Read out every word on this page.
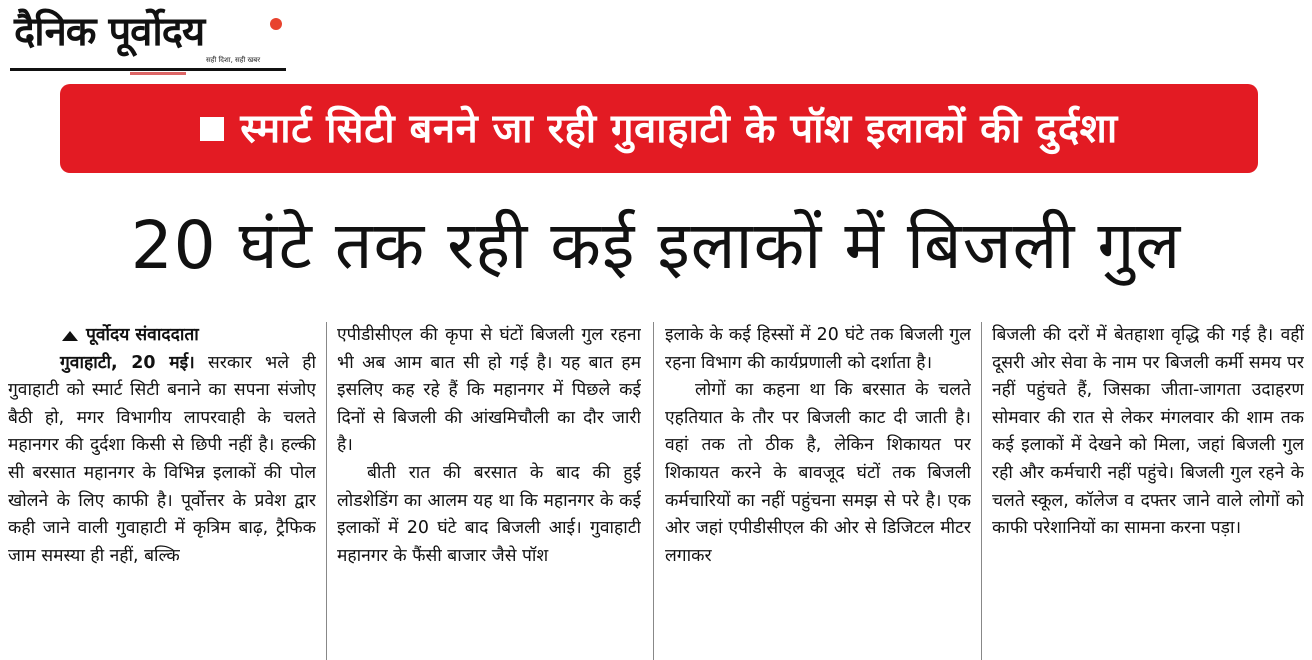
दैनिक पूर्वोदय
सही दिशा, सही खबर
स्मार्ट सिटी बनने जा रही गुवाहाटी के पॉश इलाकों की दुर्दशा
20 घंटे तक रही कई इलाकों में बिजली गुल
पूर्वोदय संवाददाता

गुवाहाटी, 20 मई। सरकार भले ही गुवाहाटी को स्मार्ट सिटी बनाने का सपना संजोए बैठी हो, मगर विभागीय लापरवाही के चलते महानगर की दुर्दशा किसी से छिपी नहीं है। हल्की सी बरसात महानगर के विभिन्न इलाकों की पोल खोलने के लिए काफी है। पूर्वोत्तर के प्रवेश द्वार कही जाने वाली गुवाहाटी में कृत्रिम बाढ़, ट्रैफिक जाम समस्या ही नहीं, बल्कि

एपीडीसीएल की कृपा से घंटों बिजली गुल रहना भी अब आम बात सी हो गई है। यह बात हम इसलिए कह रहे हैं कि महानगर में पिछले कई दिनों से बिजली की आंखमिचौली का दौर जारी है।

बीती रात की बरसात के बाद की हुई लोडशेडिंग का आलम यह था कि महानगर के कई इलाकों में 20 घंटे बाद बिजली आई। गुवाहाटी महानगर के फैंसी बाजार जैसे पॉश

इलाके के कई हिस्सों में 20 घंटे तक बिजली गुल रहना विभाग की कार्यप्रणाली को दर्शाता है।

लोगों का कहना था कि बरसात के चलते एहतियात के तौर पर बिजली काट दी जाती है। वहां तक तो ठीक है, लेकिन शिकायत पर शिकायत करने के बावजूद घंटों तक बिजली कर्मचारियों का नहीं पहुंचना समझ से परे है। एक ओर जहां एपीडीसीएल की ओर से डिजिटल मीटर लगाकर

बिजली की दरों में बेतहाशा वृद्धि की गई है। वहीं दूसरी ओर सेवा के नाम पर बिजली कर्मी समय पर नहीं पहुंचते हैं, जिसका जीता-जागता उदाहरण सोमवार की रात से लेकर मंगलवार की शाम तक कई इलाकों में देखने को मिला, जहां बिजली गुल रही और कर्मचारी नहीं पहुंचे। बिजली गुल रहने के चलते स्कूल, कॉलेज व दफ्तर जाने वाले लोगों को काफी परेशानियों का सामना करना पड़ा।
